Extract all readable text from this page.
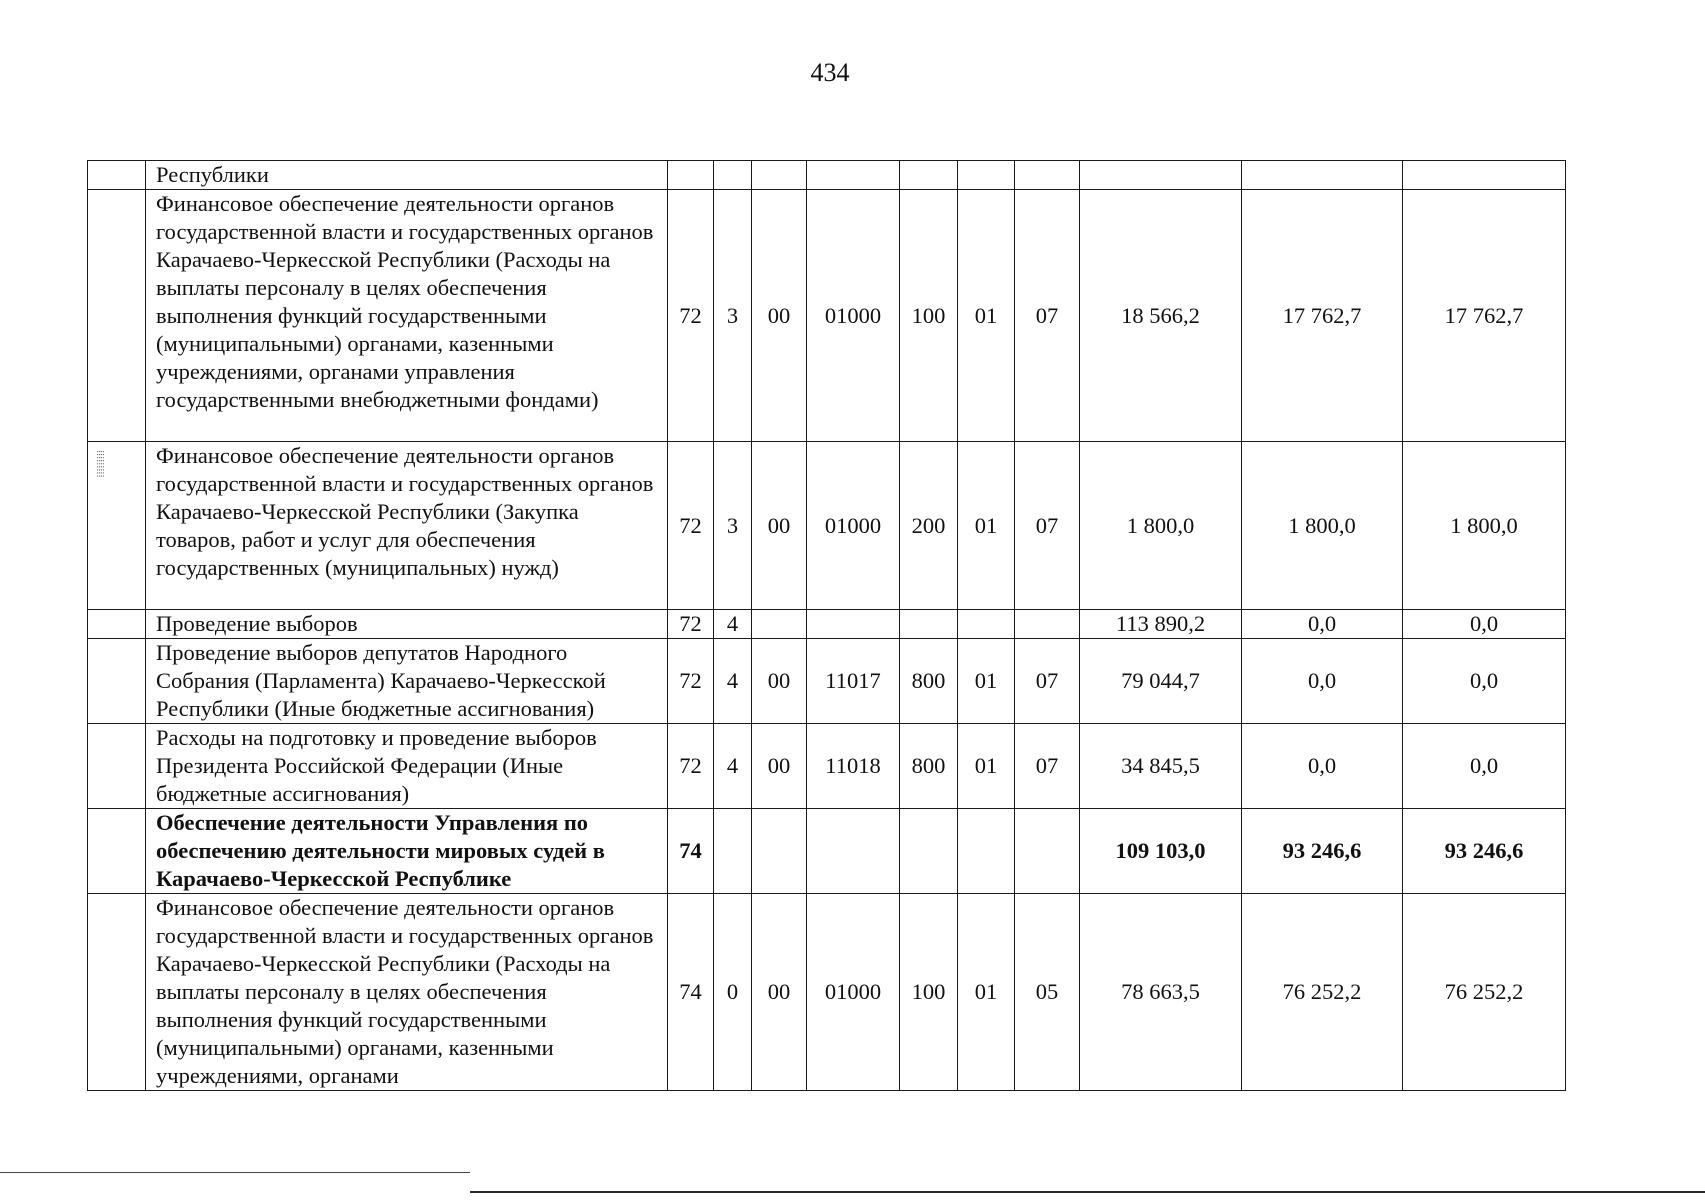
434
	Республики										
	Финансовое обеспечение деятельности органов государственной власти и государственных органов Карачаево-Черкесской Республики (Расходы на выплаты персоналу в целях обеспечения выполнения функций государственными (муниципальными) органами, казенными учреждениями, органами управления государственными внебюджетными фондами)	72	3	00	01000	100	01	07	18 566,2	17 762,7	17 762,7
	Финансовое обеспечение деятельности органов государственной власти и государственных органов Карачаево-Черкесской Республики (Закупка товаров, работ и услуг для обеспечения государственных (муниципальных) нужд)	72	3	00	01000	200	01	07	1 800,0	1 800,0	1 800,0
	Проведение выборов	72	4						113 890,2	0,0	0,0
	Проведение выборов депутатов Народного Собрания (Парламента) Карачаево-Черкесской Республики (Иные бюджетные ассигнования)	72	4	00	11017	800	01	07	79 044,7	0,0	0,0
	Расходы на подготовку и проведение выборов Президента Российской Федерации (Иные бюджетные ассигнования)	72	4	00	11018	800	01	07	34 845,5	0,0	0,0
	Обеспечение деятельности Управления по обеспечению деятельности мировых судей в Карачаево-Черкесской Республике	74							109 103,0	93 246,6	93 246,6
	Финансовое обеспечение деятельности органов государственной власти и государственных органов Карачаево-Черкесской Республики (Расходы на выплаты персоналу в целях обеспечения выполнения функций государственными (муниципальными) органами, казенными учреждениями, органами	74	0	00	01000	100	01	05	78 663,5	76 252,2	76 252,2
⁞⁞⁞⁞⁞⁞⁞⁞⁞
